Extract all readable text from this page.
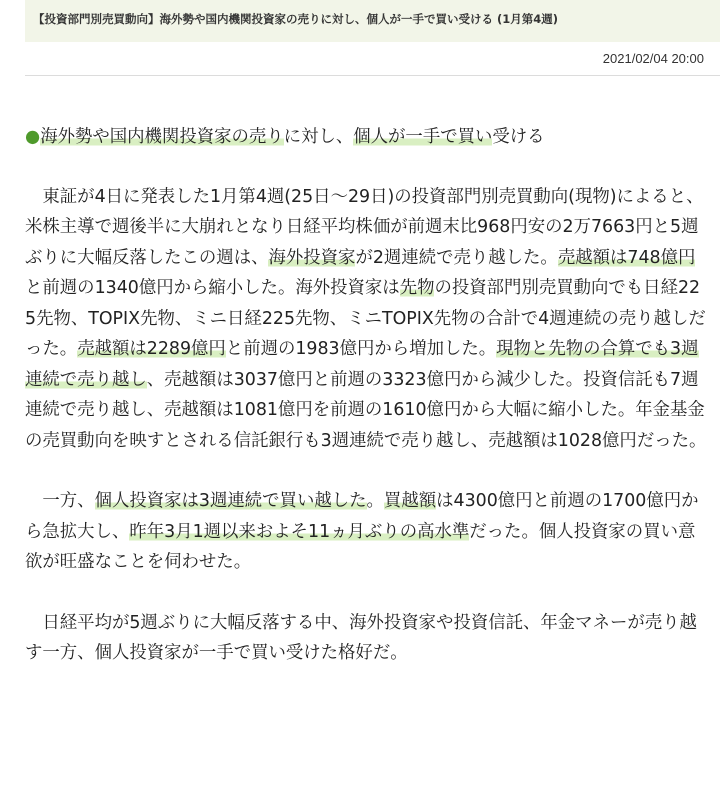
【投資部門別売買動向】海外勢や国内機関投資家の売りに対し、個人が一手で買い受ける (1月第4週)
2021/02/04 20:00

●海外勢や国内機関投資家の売りに対し、個人が一手で買い受ける

東証が4日に発表した1月第4週(25日〜29日)の投資部門別売買動向(現物)によると、米株主導で週後半に大崩れとなり日経平均株価が前週末比968円安の2万7663円と5週ぶりに大幅反落したこの週は、海外投資家が2週連続で売り越した。売越額は748億円と前週の1340億円から縮小した。海外投資家は先物の投資部門別売買動向でも日経225先物、TOPIX先物、ミニ日経225先物、ミニTOPIX先物の合計で4週連続の売り越しだった。売越額は2289億円と前週の1983億円から増加した。現物と先物の合算でも3週連続で売り越し、売越額は3037億円と前週の3323億円から減少した。投資信託も7週連続で売り越し、売越額は1081億円を前週の1610億円から大幅に縮小した。年金基金の売買動向を映すとされる信託銀行も3週連続で売り越し、売越額は1028億円だった。

一方、個人投資家は3週連続で買い越した。買越額は4300億円と前週の1700億円から急拡大し、昨年3月1週以来およそ11ヵ月ぶりの高水準だった。個人投資家の買い意欲が旺盛なことを伺わせた。

日経平均が5週ぶりに大幅反落する中、海外投資家や投資信託、年金マネーが売り越す一方、個人投資家が一手で買い受けた格好だ。
